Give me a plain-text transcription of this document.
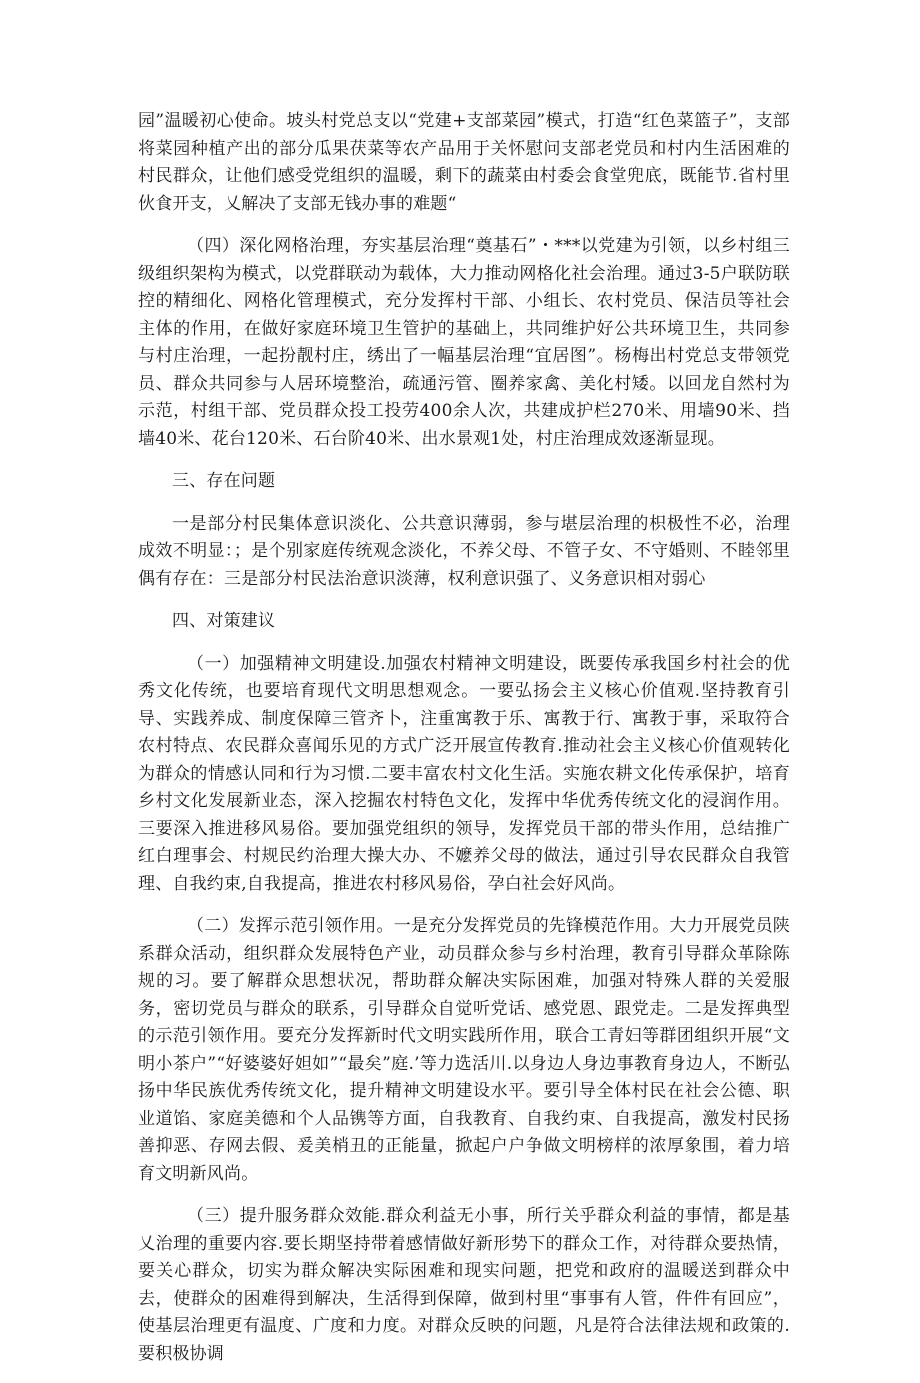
园”温暖初心使命。坡头村党总支以“党建+支部菜园”模式，打造“红色菜篮子”，支部将菜园种植产出的部分瓜果茯菜等农产品用于关怀慰问支部老党员和村内生活困难的村民群众，让他们感受党组织的温暖，剩下的蔬菜由村委会食堂兜底，既能节.省村里伙食开支，乂解决了支部无钱办事的难题“

（四）深化网格治理，夯实基层治理“奠基石”・***以党建为引领，以乡村组三级组织架构为模式，以党群联动为载体，大力推动网格化社会治理。通过3-5户联防联控的精细化、网格化管理模式，充分发挥村干部、小组长、农村党员、保洁员等社会主体的作用，在做好家庭环境卫生管护的基础上，共同维护好公共环境卫生，共同参与村庄治理，一起扮靓村庄，绣出了一幅基层治理“宜居图”。杨梅出村党总支带领党员、群众共同参与人居环境整治，疏通污管、圈养家禽、美化村矮。以回龙自然村为示范，村组干部、党员群众投工投劳400余人次，共建成护栏270米、用墙90米、挡墙40米、花台120米、石台阶40米、出水景观1处，村庄治理成效逐渐显现。

三、存在问题

一是部分村民集体意识淡化、公共意识薄弱，参与堪层治理的枳极性不必，治理成效不明显：；是个别家庭传统观念淡化，不养父母、不管子女、不守婚则、不睦邻里偶有存在：三是部分村民法治意识淡薄，权利意识强了、义务意识相对弱心

四、对策建议

（一）加强精神文明建设.加强农村精神文明建设，既要传承我国乡村社会的优秀文化传统，也要培育现代文明思想观念。一要弘扬会主义核心价值观.坚持教育引导、实践养成、制度保障三管齐卜，注重寓教于乐、寓教于行、寓教于事，采取符合农村特点、农民群众喜闻乐见的方式广泛开展宣传教育.推动社会主义核心价值观转化为群众的情感认同和行为习惯.二要丰富农村文化生活。实施农耕文化传承保护，培育乡村文化发展新业态，深入挖掘农村特色文化，发挥中华优秀传统文化的浸润作用。三要深入推进移风易俗。要加强党组织的领导，发挥党员干部的带头作用，总结推广红白理事会、村规民约治理大操大办、不嬷养父母的做法，通过引导农民群众自我管理、自我约束,自我提高，推进农村移风易俗，孕白社会好风尚。

（二）发挥示范引领作用。一是充分发挥党员的先锋模范作用。大力开展党员陕系群众活动，组织群众发展特色产业，动员群众参与乡村治理，教育引导群众革除陈规的习。要了解群众思想状况，帮助群众解决实际困难，加强对特殊人群的关爱服务，密切党员与群众的联系，引导群众自觉听党话、感党恩、跟党走。二是发挥典型的示范引领作用。要充分发挥新时代文明实践所作用，联合工青妇等群团组织开展“文明小茶户”“好婆婆好妲如”“最矣”庭.’等力选活川.以身边人身边事教育身边人，不断弘扬中华民族优秀传统文化，提升精神文明建设水平。要引导全体村民在社会公德、职业道馅、家庭美德和个人品镌等方面，自我教育、自我约束、自我提高，激发村民扬善抑恶、存网去假、爰美梢丑的正能量，掀起户户争做文明榜样的浓厚象围，着力培育文明新风尚。

（三）提升服务群众效能.群众利益无小事，所行关乎群众利益的事情，都是基乂治理的重要内容.要长期坚持带着感情做好新形势下的群众工作，对待群众要热情，要关心群众，切实为群众解决实际困难和现实问题，把党和政府的温暖送到群众中去，使群众的困难得到解决，生活得到保障，做到村里“事事有人管，件件有回应”，使基层治理更有温度、广度和力度。对群众反映的问题，凡是符合法律法规和政策的.要积极协调
